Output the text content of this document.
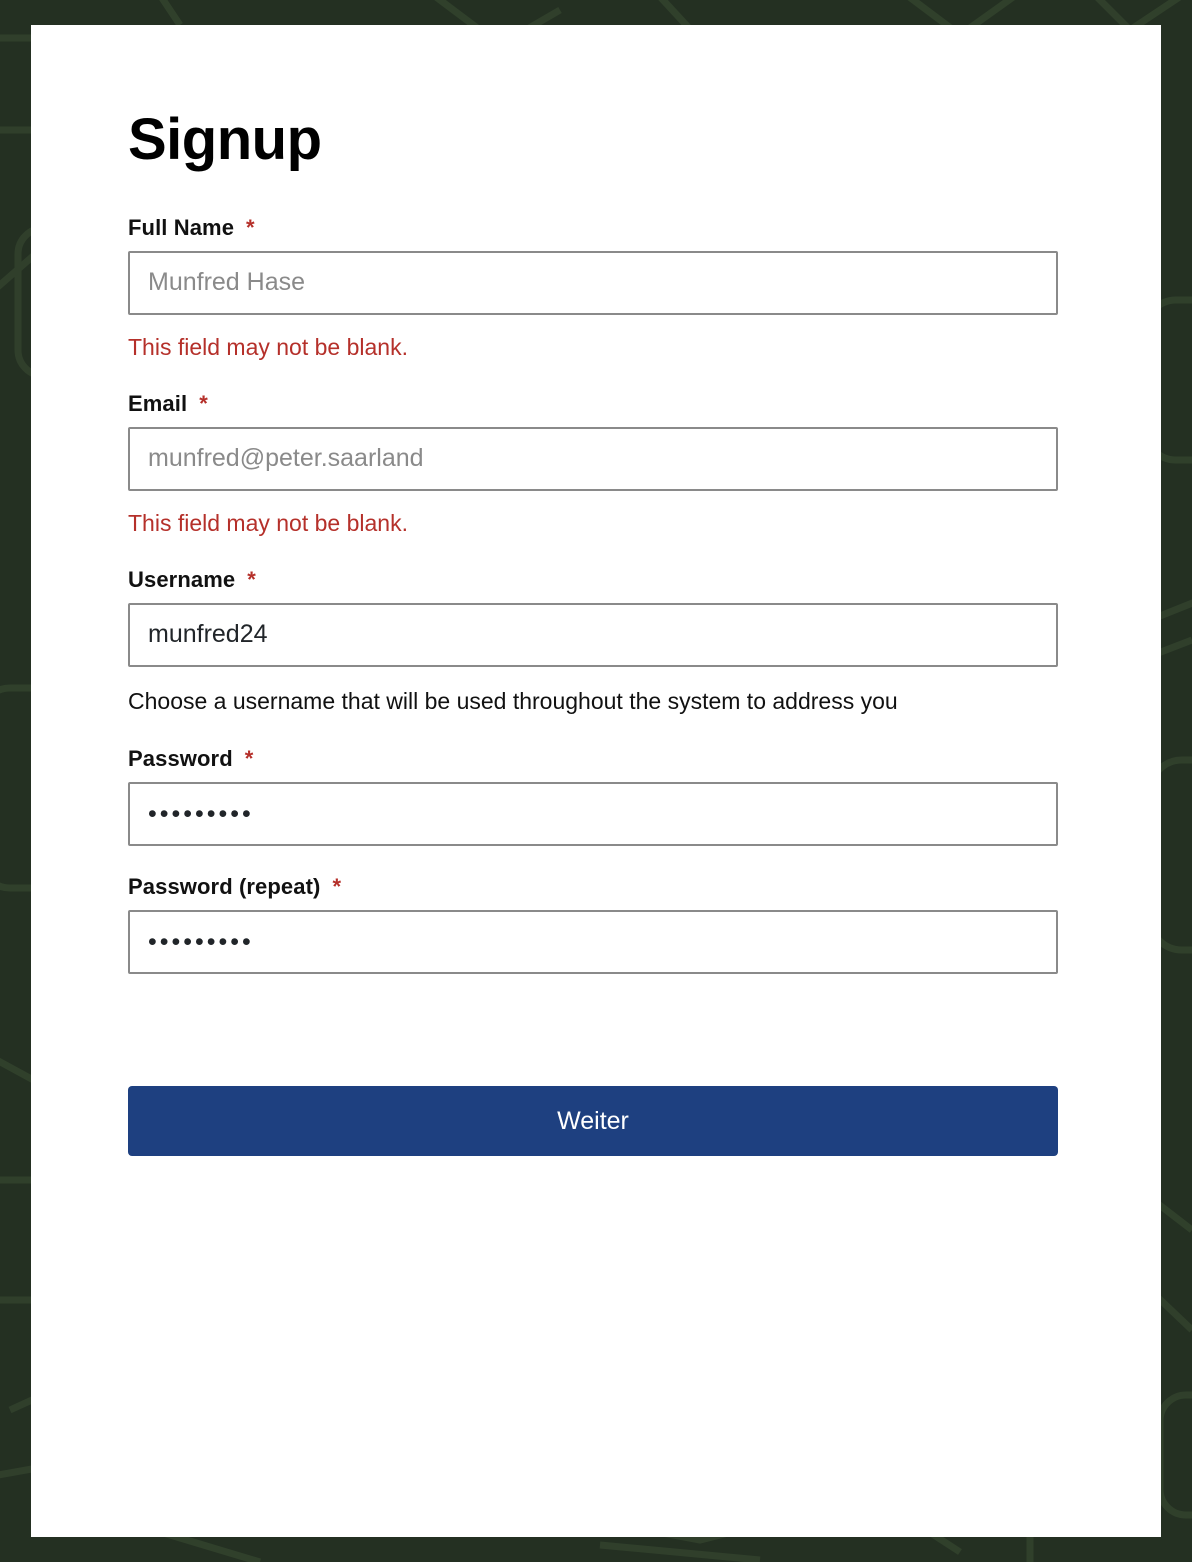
Signup
Full Name *
Munfred Hase
This field may not be blank.
Email *
munfred@peter.saarland
This field may not be blank.
Username *
munfred24
Choose a username that will be used throughout the system to address you
Password *
•••••••••
Password (repeat) *
•••••••••
Weiter
